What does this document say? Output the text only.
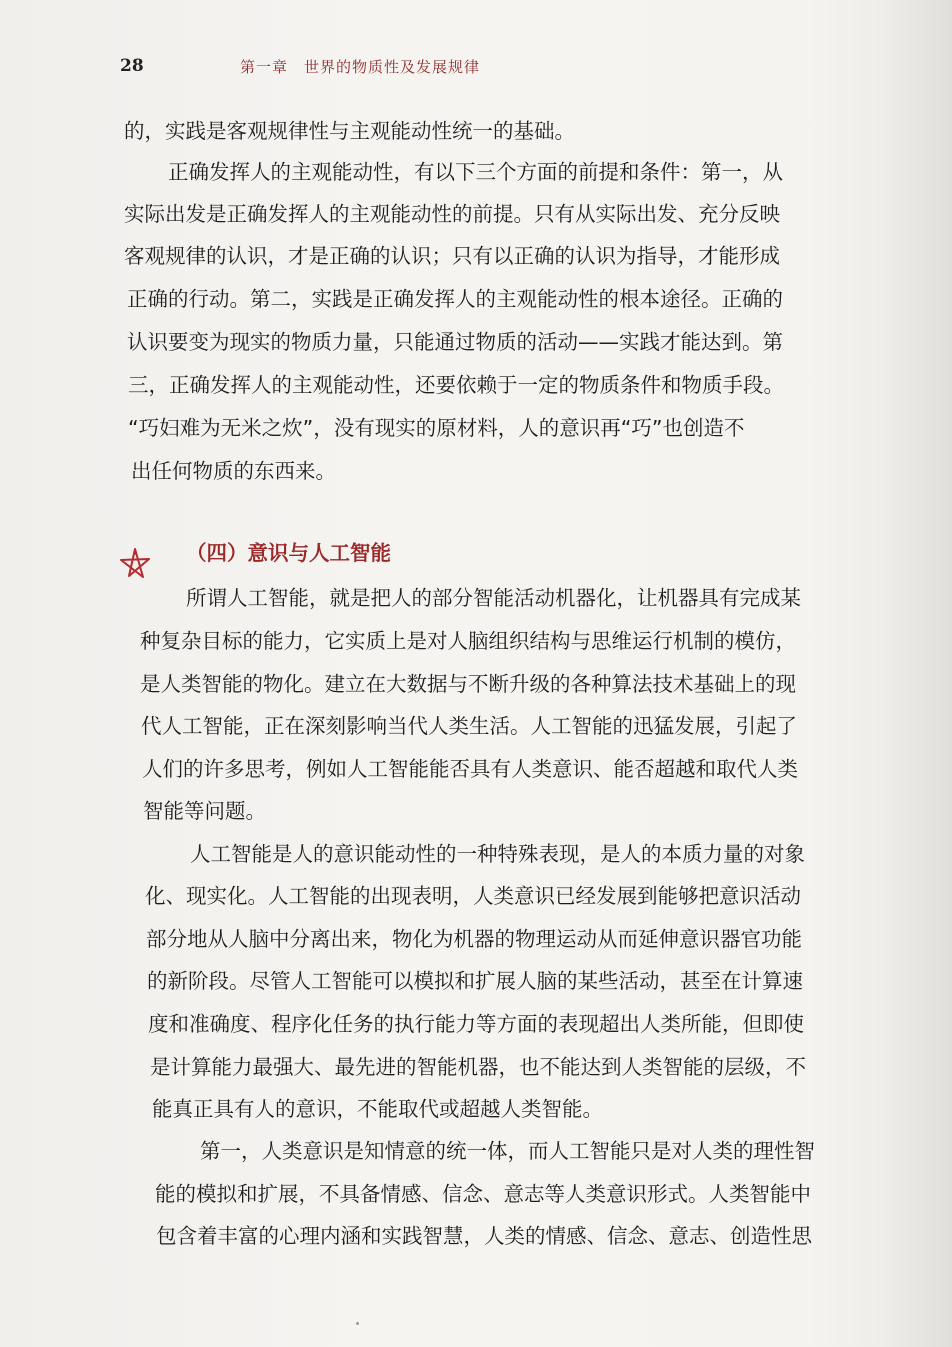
28	第一章　世界的物质性及发展规律
的，实践是客观规律性与主观能动性统一的基础。
正确发挥人的主观能动性，有以下三个方面的前提和条件：第一，从
实际出发是正确发挥人的主观能动性的前提。只有从实际出发、充分反映
客观规律的认识，才是正确的认识；只有以正确的认识为指导，才能形成
正确的行动。第二，实践是正确发挥人的主观能动性的根本途径。正确的
认识要变为现实的物质力量，只能通过物质的活动——实践才能达到。第
三，正确发挥人的主观能动性，还要依赖于一定的物质条件和物质手段。
“巧妇难为无米之炊”，没有现实的原材料，人的意识再“巧”也创造不
出任何物质的东西来。
所谓人工智能，就是把人的部分智能活动机器化，让机器具有完成某
种复杂目标的能力，它实质上是对人脑组织结构与思维运行机制的模仿，
是人类智能的物化。建立在大数据与不断升级的各种算法技术基础上的现
代人工智能，正在深刻影响当代人类生活。人工智能的迅猛发展，引起了
人们的许多思考，例如人工智能能否具有人类意识、能否超越和取代人类
智能等问题。
人工智能是人的意识能动性的一种特殊表现，是人的本质力量的对象
化、现实化。人工智能的出现表明，人类意识已经发展到能够把意识活动
部分地从人脑中分离出来，物化为机器的物理运动从而延伸意识器官功能
的新阶段。尽管人工智能可以模拟和扩展人脑的某些活动，甚至在计算速
度和准确度、程序化任务的执行能力等方面的表现超出人类所能，但即使
是计算能力最强大、最先进的智能机器，也不能达到人类智能的层级，不
能真正具有人的意识，不能取代或超越人类智能。
第一，人类意识是知情意的统一体，而人工智能只是对人类的理性智
能的模拟和扩展，不具备情感、信念、意志等人类意识形式。人类智能中
包含着丰富的心理内涵和实践智慧，人类的情感、信念、意志、创造性思
（四）意识与人工智能
